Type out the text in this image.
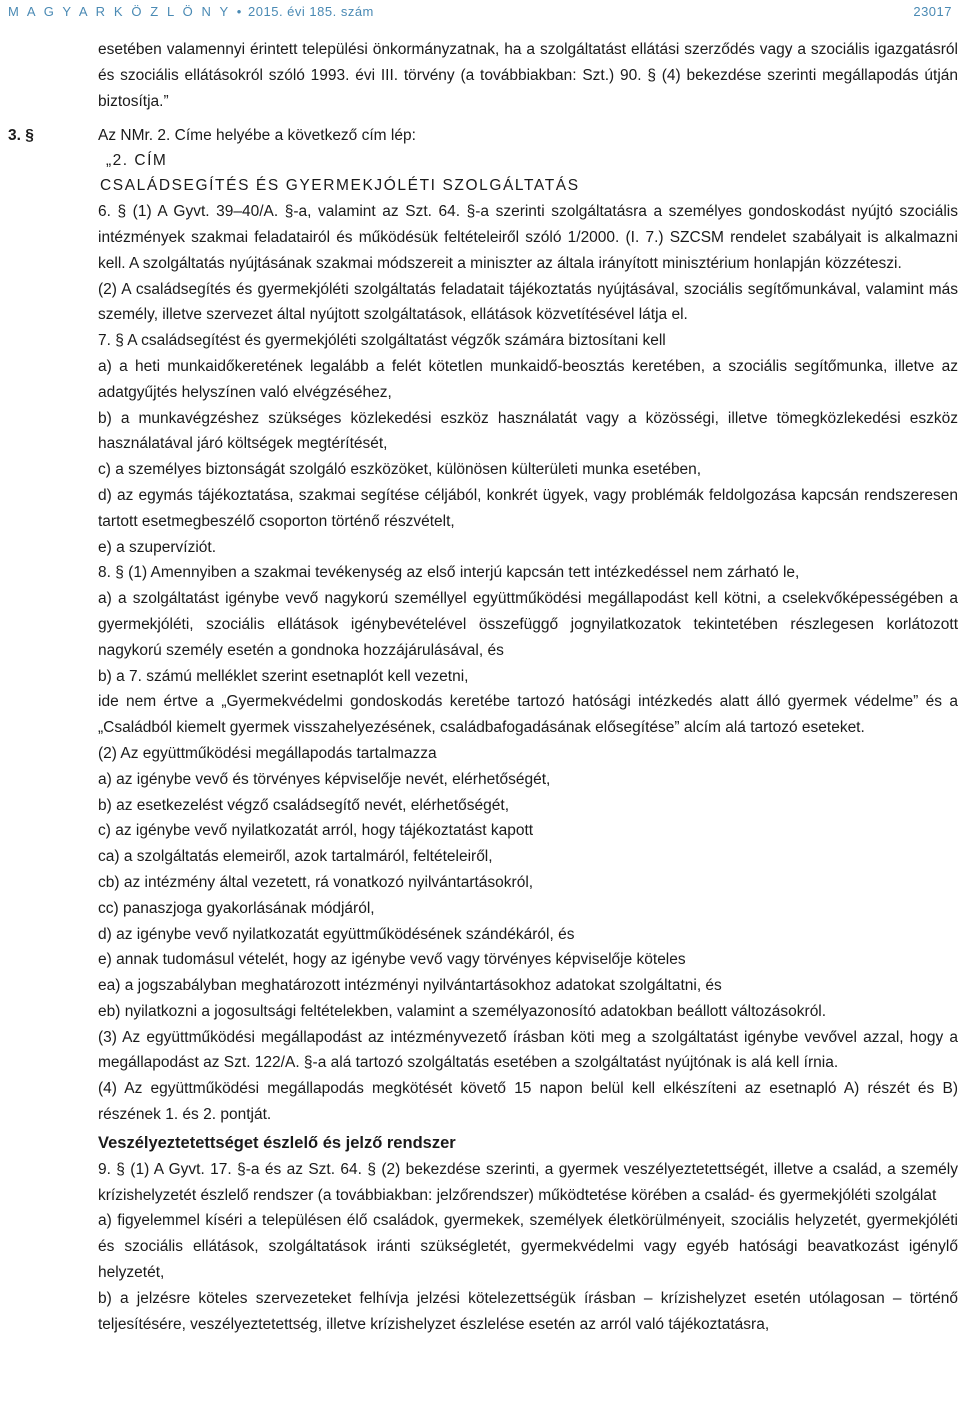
M A G Y A R K Ö Z L Ö N Y • 2015. évi 185. szám	23017

esetében valamennyi érintett települési önkormányzatnak, ha a szolgáltatást ellátási szerződés vagy a szociális igazgatásról és szociális ellátásokról szóló 1993. évi III. törvény (a továbbiakban: Szt.) 90. § (4) bekezdése szerinti megállapodás útján biztosítja.”

3. §	Az NMr. 2. Címe helyébe a következő cím lép:

„2. CÍM
CSALÁDSEGÍTÉS ÉS GYERMEKJÓLÉTI SZOLGÁLTATÁS

6. § (1) A Gyvt. 39–40/A. §-a, valamint az Szt. 64. §-a szerinti szolgáltatásra a személyes gondoskodást nyújtó szociális intézmények szakmai feladatairól és működésük feltételeiről szóló 1/2000. (I. 7.) SZCSM rendelet szabályait is alkalmazni kell. A szolgáltatás nyújtásának szakmai módszereit a miniszter az általa irányított minisztérium honlapján közzéteszi.

(2) A családsegítés és gyermekjóléti szolgáltatás feladatait tájékoztatás nyújtásával, szociális segítőmunkával, valamint más személy, illetve szervezet által nyújtott szolgáltatások, ellátások közvetítésével látja el.

7. § A családsegítést és gyermekjóléti szolgáltatást végzők számára biztosítani kell

a) a heti munkaidőkeretének legalább a felét kötetlen munkaidő-beosztás keretében, a szociális segítőmunka, illetve az adatgyűjtés helyszínen való elvégzéséhez,

b) a munkavégzéshez szükséges közlekedési eszköz használatát vagy a közösségi, illetve tömegközlekedési eszköz használatával járó költségek megtérítését,

c) a személyes biztonságát szolgáló eszközöket, különösen külterületi munka esetében,

d) az egymás tájékoztatása, szakmai segítése céljából, konkrét ügyek, vagy problémák feldolgozása kapcsán rendszeresen tartott esetmegbeszélő csoporton történő részvételt,

e) a szupervíziót.

8. § (1) Amennyiben a szakmai tevékenység az első interjú kapcsán tett intézkedéssel nem zárható le,

a) a szolgáltatást igénybe vevő nagykorú személlyel együttműködési megállapodást kell kötni, a cselekvőképességében a gyermekjóléti, szociális ellátások igénybevételével összefüggő jognyilatkozatok tekintetében részlegesen korlátozott nagykorú személy esetén a gondnoka hozzájárulásával, és

b) a 7. számú melléklet szerint esetnaplót kell vezetni,

ide nem értve a „Gyermekvédelmi gondoskodás keretébe tartozó hatósági intézkedés alatt álló gyermek védelme” és a „Családból kiemelt gyermek visszahelyezésének, családbafogadásának elősegítése” alcím alá tartozó eseteket.

(2) Az együttműködési megállapodás tartalmazza

a) az igénybe vevő és törvényes képviselője nevét, elérhetőségét,

b) az esetkezelést végző családsegítő nevét, elérhetőségét,

c) az igénybe vevő nyilatkozatát arról, hogy tájékoztatást kapott

ca) a szolgáltatás elemeiről, azok tartalmáról, feltételeiről,

cb) az intézmény által vezetett, rá vonatkozó nyilvántartásokról,

cc) panaszjoga gyakorlásának módjáról,

d) az igénybe vevő nyilatkozatát együttműködésének szándékáról, és

e) annak tudomásul vételét, hogy az igénybe vevő vagy törvényes képviselője köteles

ea) a jogszabályban meghatározott intézményi nyilvántartásokhoz adatokat szolgáltatni, és

eb) nyilatkozni a jogosultsági feltételekben, valamint a személyazonosító adatokban beállott változásokról.

(3) Az együttműködési megállapodást az intézményvezető írásban köti meg a szolgáltatást igénybe vevővel azzal, hogy a megállapodást az Szt. 122/A. §-a alá tartozó szolgáltatás esetében a szolgáltatást nyújtónak is alá kell írnia.

(4) Az együttműködési megállapodás megkötését követő 15 napon belül kell elkészíteni az esetnapló A) részét és B) részének 1. és 2. pontját.

Veszélyeztetettséget észlelő és jelző rendszer

9. § (1) A Gyvt. 17. §-a és az Szt. 64. § (2) bekezdése szerinti, a gyermek veszélyeztetettségét, illetve a család, a személy krízishelyzetét észlelő rendszer (a továbbiakban: jelzőrendszer) működtetése körében a család- és gyermekjóléti szolgálat

a) figyelemmel kíséri a településen élő családok, gyermekek, személyek életkörülményeit, szociális helyzetét, gyermekjóléti és szociális ellátások, szolgáltatások iránti szükségletét, gyermekvédelmi vagy egyéb hatósági beavatkozást igénylő helyzetét,

b) a jelzésre köteles szervezeteket felhívja jelzési kötelezettségük írásban – krízishelyzet esetén utólagosan – történő teljesítésére, veszélyeztetettség, illetve krízishelyzet észlelése esetén az arról való tájékoztatásra,
